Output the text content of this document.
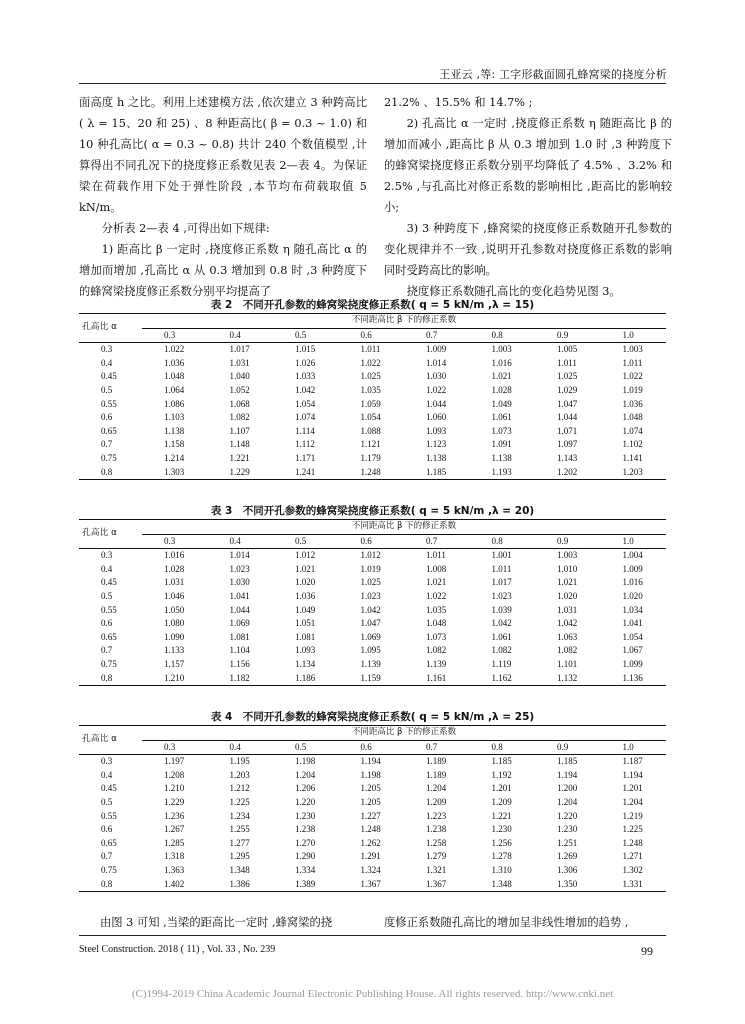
王亚云 ,等: 工字形截面圆孔蜂窝梁的挠度分析

面高度 h 之比。利用上述建模方法 ,依次建立 3 种跨高比( λ = 15、20 和 25) 、8 种距高比( β = 0.3 ~ 1.0) 和 10 种孔高比( α = 0.3 ~ 0.8) 共计 240 个数值模型 ,计算得出不同孔况下的挠度修正系数见表 2—表 4。为保证梁在荷载作用下处于弹性阶段 ,本节均布荷载取值 5 kN/m。

分析表 2—表 4 ,可得出如下规律:

1) 距高比 β 一定时 ,挠度修正系数 η 随孔高比 α 的增加而增加 ,孔高比 α 从 0.3 增加到 0.8 时 ,3 种跨度下的蜂窝梁挠度修正系数分别平均提高了

21.2% 、15.5% 和 14.7% ;

2) 孔高比 α 一定时 ,挠度修正系数 η 随距高比 β 的增加而减小 ,距高比 β 从 0.3 增加到 1.0 时 ,3 种跨度下的蜂窝梁挠度修正系数分别平均降低了 4.5% 、3.2% 和 2.5% ,与孔高比对修正系数的影响相比 ,距高比的影响较小;

3) 3 种跨度下 ,蜂窝梁的挠度修正系数随开孔参数的变化规律并不一致 ,说明开孔参数对挠度修正系数的影响同时受跨高比的影响。

挠度修正系数随孔高比的变化趋势见图 3。

表 2　不同开孔参数的蜂窝梁挠度修正系数( q = 5 kN/m ,λ = 15)
孔高比 α	不同距高比 β 下的修正系数							
	0.3	0.4	0.5	0.6	0.7	0.8	0.9	1.0
0.3	1.022	1.017	1.015	1.011	1.009	1.003	1.005	1.003
0.4	1.036	1.031	1.026	1.022	1.014	1.016	1.011	1.011
0.45	1.048	1.040	1.033	1.025	1.030	1.021	1.025	1.022
0.5	1.064	1.052	1.042	1.035	1.022	1.028	1.029	1.019
0.55	1.086	1.068	1.054	1.059	1.044	1.049	1.047	1.036
0.6	1.103	1.082	1.074	1.054	1.060	1.061	1.044	1.048
0.65	1.138	1.107	1.114	1.088	1.093	1.073	1.071	1.074
0.7	1.158	1.148	1.112	1.121	1.123	1.091	1.097	1.102
0.75	1.214	1.221	1.171	1.179	1.138	1.138	1.143	1.141
0.8	1.303	1.229	1.241	1.248	1.185	1.193	1.202	1.203
表 3　不同开孔参数的蜂窝梁挠度修正系数( q = 5 kN/m ,λ = 20)
孔高比 α	不同距高比 β 下的修正系数							
	0.3	0.4	0.5	0.6	0.7	0.8	0.9	1.0
0.3	1.016	1.014	1.012	1.012	1.011	1.001	1.003	1.004
0.4	1.028	1.023	1.021	1.019	1.008	1.011	1.010	1.009
0.45	1.031	1.030	1.020	1.025	1.021	1.017	1.021	1.016
0.5	1.046	1.041	1.036	1.023	1.022	1.023	1.020	1.020
0.55	1.050	1.044	1.049	1.042	1.035	1.039	1.031	1.034
0.6	1.080	1.069	1.051	1.047	1.048	1.042	1.042	1.041
0.65	1.090	1.081	1.081	1.069	1.073	1.061	1.063	1.054
0.7	1.133	1.104	1.093	1.095	1.082	1.082	1.082	1.067
0.75	1.157	1.156	1.134	1.139	1.139	1.119	1.101	1.099
0.8	1.210	1.182	1.186	1.159	1.161	1.162	1.132	1.136
表 4　不同开孔参数的蜂窝梁挠度修正系数( q = 5 kN/m ,λ = 25)
孔高比 α	不同距高比 β 下的修正系数							
	0.3	0.4	0.5	0.6	0.7	0.8	0.9	1.0
0.3	1.197	1.195	1.198	1.194	1.189	1.185	1.185	1.187
0.4	1.208	1.203	1.204	1.198	1.189	1.192	1.194	1.194
0.45	1.210	1.212	1.206	1.205	1.204	1.201	1.200	1.201
0.5	1.229	1.225	1.220	1.205	1.209	1.209	1.204	1.204
0.55	1.236	1.234	1.230	1.227	1.223	1.221	1.220	1.219
0.6	1.267	1.255	1.238	1.248	1.238	1.230	1.230	1.225
0.65	1.285	1.277	1.270	1.262	1.258	1.256	1.251	1.248
0.7	1.318	1.295	1.290	1.291	1.279	1.278	1.269	1.271
0.75	1.363	1.348	1.334	1.324	1.321	1.310	1.306	1.302
0.8	1.402	1.386	1.389	1.367	1.367	1.348	1.350	1.331
由图 3 可知 ,当梁的距高比一定时 ,蜂窝梁的挠	度修正系数随孔高比的增加呈非线性增加的趋势 ,
Steel Construction. 2018 ( 11) , Vol. 33 , No. 239	99
(C)1994-2019 China Academic Journal Electronic Publishing House. All rights reserved. http://www.cnki.net
